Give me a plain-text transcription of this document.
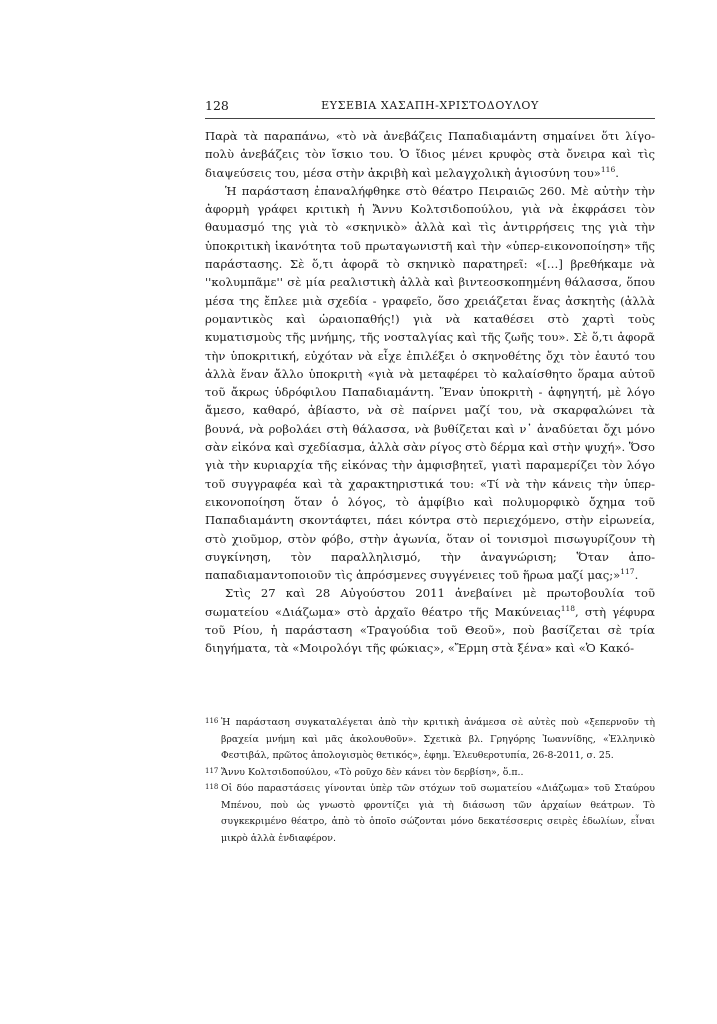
128	ΕΥΣΕΒΙΑ ΧΑΣΑΠΗ-ΧΡΙΣΤΟΔΟΥΛΟΥ

Παρὰ τὰ παραπάνω, «τὸ νὰ ἀνεβάζεις Παπαδιαμάντη σημαίνει ὅτι λίγο-πολὺ ἀνεβάζεις τὸν ἴσκιο του. Ὁ ἴδιος μένει κρυφὸς στὰ ὄνειρα καὶ τὶς διαψεύσεις του, μέσα στὴν ἀκριβὴ καὶ μελαγχολικὴ ἁγιοσύνη του»$^{116}$.

Ἡ παράσταση ἐπαναλήφθηκε στὸ θέατρο Πειραιῶς 260. Μὲ αὐτὴν τὴν ἀφορμὴ γράφει κριτικὴ ἡ Ἄννυ Κολτσιδοπούλου, γιὰ νὰ ἐκφράσει τὸν θαυμασμό της γιὰ τὸ «σκηνικὸ» ἀλλὰ καὶ τὶς ἀντιρρήσεις της γιὰ τὴν ὑποκριτικὴ ἱκανότητα τοῦ πρωταγωνιστῆ καὶ τὴν «ὑπερ-εικονοποίηση» τῆς παράστασης. Σὲ ὅ,τι ἀφορᾶ τὸ σκηνικὸ παρατηρεῖ: «[…] βρεθήκαμε νὰ ''κολυμπᾶμε'' σὲ μία ρεαλιστικὴ ἀλλὰ καὶ βιντεοσκοπημένη θάλασσα, ὅπου μέσα της ἔπλεε μιὰ σχεδία - γραφεῖο, ὅσο χρειάζεται ἕνας ἀσκητὴς (ἀλλὰ ρομαντικὸς καὶ ὡραιοπαθής!) γιὰ νὰ καταθέσει στὸ χαρτὶ τοὺς κυματισμοὺς τῆς μνήμης, τῆς νοσταλγίας καὶ τῆς ζωῆς του». Σὲ ὅ,τι ἀφορᾶ τὴν ὑποκριτική, εὐχόταν νὰ εἶχε ἐπιλέξει ὁ σκηνοθέτης ὄχι τὸν ἑαυτό του ἀλλὰ ἕναν ἄλλο ὑποκριτὴ «γιὰ νὰ μεταφέρει τὸ καλαίσθητο ὅραμα αὐτοῦ τοῦ ἄκρως ὑδρόφιλου Παπαδιαμάντη. Ἕναν ὑποκριτὴ - ἀφηγητή, μὲ λόγο ἄμεσο, καθαρό, ἀβίαστο, νὰ σὲ παίρνει μαζί του, νὰ σκαρφαλώνει τὰ βουνά, νὰ ροβολάει στὴ θάλασσα, νὰ βυθίζεται καὶ ν᾽ ἀναδύεται ὄχι μόνο σὰν εἰκόνα καὶ σχεδίασμα, ἀλλὰ σὰν ρίγος στὸ δέρμα καὶ στὴν ψυχή». Ὅσο γιὰ τὴν κυριαρχία τῆς εἰκόνας τὴν ἀμφισβητεῖ, γιατὶ παραμερίζει τὸν λόγο τοῦ συγγραφέα καὶ τὰ χαρακτηριστικά του: «Τί νὰ τὴν κάνεις τὴν ὑπερ-εικονοποίηση ὅταν ὁ λόγος, τὸ ἀμφίβιο καὶ πολυμορφικὸ ὄχημα τοῦ Παπαδιαμάντη σκοντάφτει, πάει κόντρα στὸ περιεχόμενο, στὴν εἰρωνεία, στὸ χιοῦμορ, στὸν φόβο, στὴν ἀγωνία, ὅταν οἱ τονισμοὶ πισωγυρίζουν τὴ συγκίνηση, τὸν παραλληλισμό, τὴν ἀναγνώριση; Ὅταν ἀπο-παπαδιαμαντοποιοῦν τὶς ἀπρόσμενες συγγένειες τοῦ ἥρωα μαζί μας;»$^{117}$.

Στὶς 27 καὶ 28 Αὐγούστου 2011 ἀνεβαίνει μὲ πρωτοβουλία τοῦ σωματείου «Διάζωμα» στὸ ἀρχαῖο θέατρο τῆς Μακύνειας$^{118}$, στὴ γέφυρα τοῦ Ρίου, ἡ παράσταση «Τραγούδια τοῦ Θεοῦ», ποὺ βασίζεται σὲ τρία διηγήματα, τὰ «Μοιρολόγι τῆς φώκιας», «Ἔρμη στὰ ξένα» καὶ «Ὁ Κακό-

116 Ἡ παράσταση συγκαταλέγεται ἀπὸ τὴν κριτικὴ ἀνάμεσα σὲ αὐτὲς ποὺ «ξεπερνοῦν τὴ βραχεία μνήμη καὶ μᾶς ἀκολουθοῦν». Σχετικὰ βλ. Γρηγόρης Ἰωαννίδης, «Ἑλληνικὸ Φεστιβάλ, πρῶτος ἀπολογισμὸς θετικός», ἐφημ. Ἐλευθεροτυπία, 26-8-2011, σ. 25.

117 Ἄννυ Κολτσιδοπούλου, «Τὸ ροῦχο δὲν κάνει τὸν δερβίση», ὅ.π..

118 Οἱ δύο παραστάσεις γίνονται ὑπὲρ τῶν στόχων τοῦ σωματείου «Διάζωμα» τοῦ Σταύρου Μπένου, ποὺ ὡς γνωστὸ φροντίζει γιὰ τὴ διάσωση τῶν ἀρχαίων θεάτρων. Τὸ συγκεκριμένο θέατρο, ἀπὸ τὸ ὁποῖο σώζονται μόνο δεκατέσσερις σειρὲς ἑδωλίων, εἶναι μικρὸ ἀλλὰ ἐνδιαφέρον.
